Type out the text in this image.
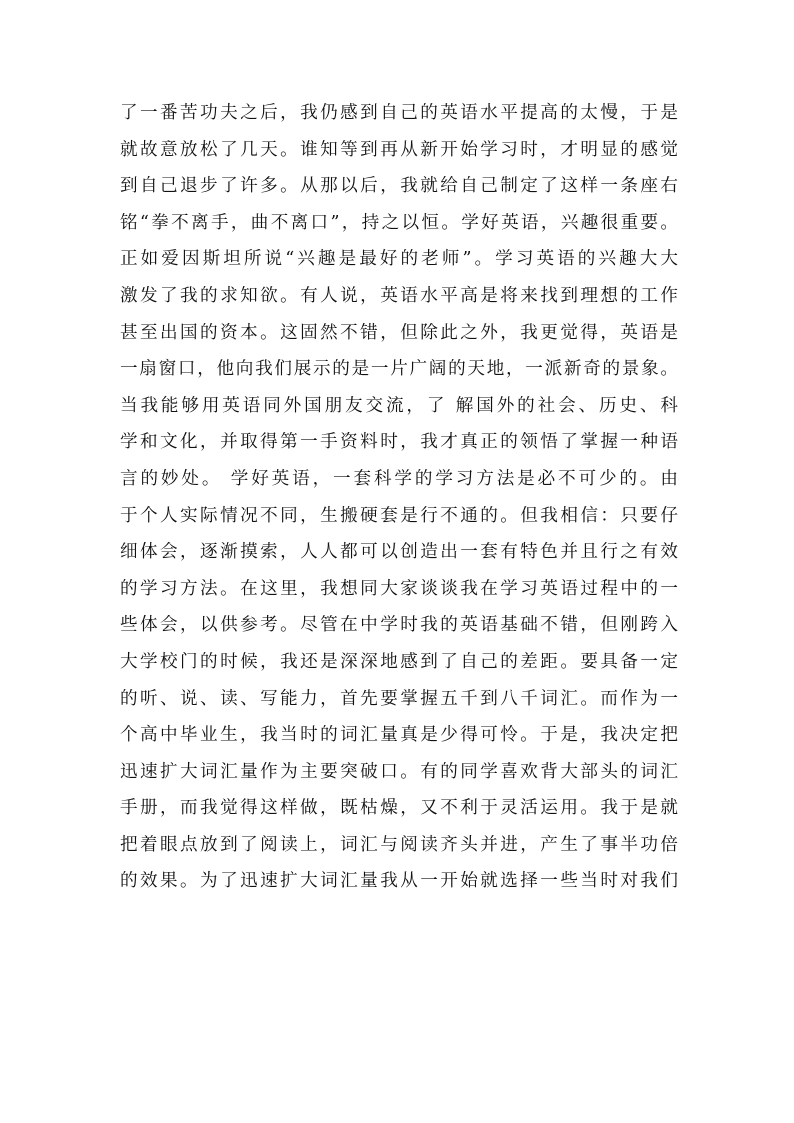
了一番苦功夫之后，我仍感到自己的英语水平提高的太慢，于是
就故意放松了几天。谁知等到再从新开始学习时，才明显的感觉
到自己退步了许多。从那以后，我就给自己制定了这样一条座右
铭“拳不离手，曲不离口”，持之以恒。学好英语，兴趣很重要。
正如爱因斯坦所说“兴趣是最好的老师”。学习英语的兴趣大大
激发了我的求知欲。有人说，英语水平高是将来找到理想的工作
甚至出国的资本。这固然不错，但除此之外，我更觉得，英语是
一扇窗口，他向我们展示的是一片广阔的天地，一派新奇的景象。
当我能够用英语同外国朋友交流，了 解国外的社会、历史、科
学和文化，并取得第一手资料时，我才真正的领悟了掌握一种语
言的妙处。 学好英语，一套科学的学习方法是必不可少的。由
于个人实际情况不同，生搬硬套是行不通的。但我相信：只要仔
细体会，逐渐摸索，人人都可以创造出一套有特色并且行之有效
的学习方法。在这里，我想同大家谈谈我在学习英语过程中的一
些体会，以供参考。尽管在中学时我的英语基础不错，但刚跨入
大学校门的时候，我还是深深地感到了自己的差距。要具备一定
的听、说、读、写能力，首先要掌握五千到八千词汇。而作为一
个高中毕业生，我当时的词汇量真是少得可怜。于是，我决定把
迅速扩大词汇量作为主要突破口。有的同学喜欢背大部头的词汇
手册，而我觉得这样做，既枯燥，又不利于灵活运用。我于是就
把着眼点放到了阅读上，词汇与阅读齐头并进，产生了事半功倍
的效果。为了迅速扩大词汇量我从一开始就选择一些当时对我们
